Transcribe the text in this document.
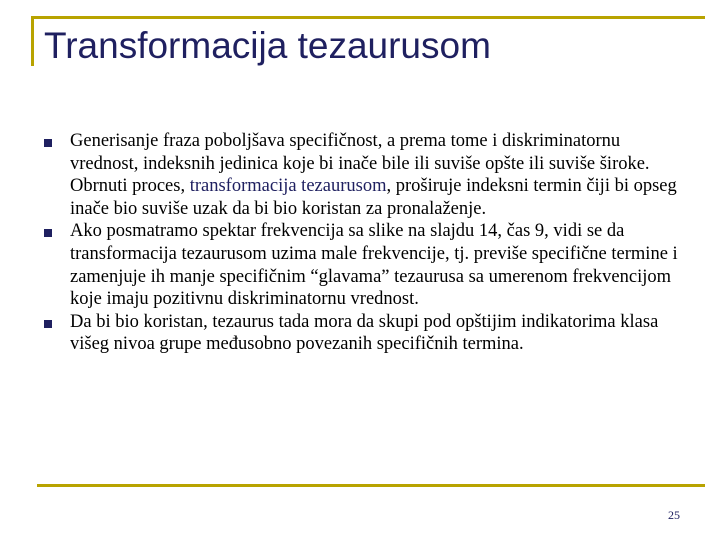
Transformacija tezaurusom
Generisanje fraza poboljšava specifičnost, a prema tome i diskriminatornu vrednost, indeksnih jedinica koje bi inače bile ili suviše opšte ili suviše široke. Obrnuti proces, transformacija tezaurusom, proširuje indeksni termin čiji bi opseg inače bio suviše uzak da bi bio koristan za pronalaženje.
Ako posmatramo spektar frekvencija sa slike na slajdu 14, čas 9, vidi se da transformacija tezaurusom uzima male frekvencije, tj. previše specifične termine i zamenjuje ih manje specifičnim “glavama” tezaurusa sa umerenom frekvencijom koje imaju pozitivnu diskriminatornu vrednost.
Da bi bio koristan, tezaurus tada mora da skupi pod opštijim indikatorima klasa višeg nivoa grupe međusobno povezanih specifičnih termina.
25
